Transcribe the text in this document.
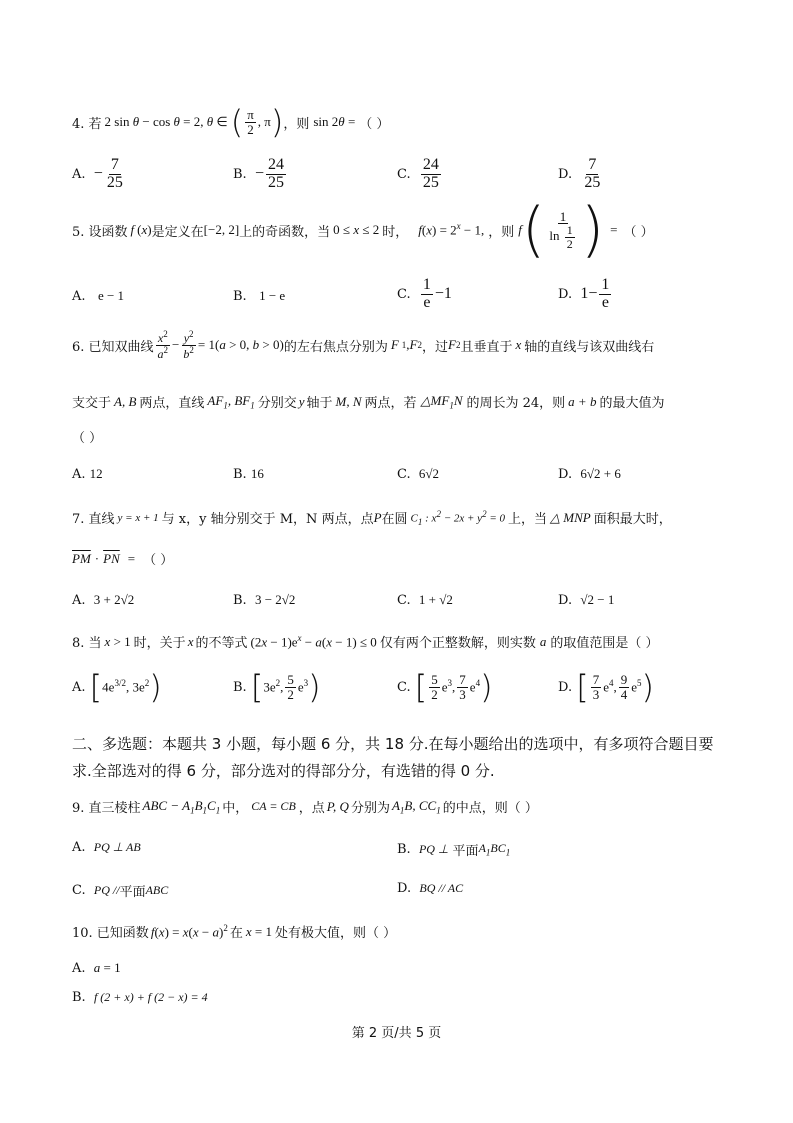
4. 若 2 sin θ − cos θ = 2, θ ∈ ( $\frac{\pi}{2}$ , π ) ，则 sin 2θ = （ ）
A.
− $\frac{7}{25}$	B.
− $\frac{24}{25}$	C.
$\frac{24}{25}$	D.
$\frac{7}{25}$
5. 设函数 f (x) 是定义在 [−2, 2] 上的奇函数，当 0 ≤ x ≤ 2 时， $f(x) = 2^x - 1$, ，则 f ( $\frac{1}{\ln \frac{1}{2}}$ ) = （ ）
A.
e − 1	B.
1 − e	C.
$\frac{1}{e} -1$	D.
$1- \frac{1}{e}$
6. 已知双曲线 $\frac{x^2}{a^2} - \frac{y^2}{b^2} = 1(a > 0$, b > 0) 的左右焦点分别为 F 1 , F 2 ，过 F 2 且垂直于 x 轴的直线与该双曲线右
支交于 A, B 两点，直线 $AF_1$, $BF_1$ 分别交 y 轴于 M, N 两点，若 $\triangle MF_1N$ 的周长为 24，则 a + b 的最大值为
（ ）
A.
12	B.
16	C.
6√2	D.
6√2 + 6
7. 直线 y = x + 1 与 x，y 轴分别交于 M，N 两点，点 P 在圆 $C_1$ : $x^2 - 2x + y^2 = 0$ 上，当 △ MNP 面积最大时，
$\overline{PM} \cdot \overline{PN}$ = （ ）
A.
3 + 2√2	B.
3 − 2√2	C.
1 + √2	D.
√2 − 1
8. 当 x > 1 时，关于 x 的不等式 $(2x - 1)e^x - a(x - 1) \le 0$ 仅有两个正整数解，则实数 a 的取值范围是（ ）
A.
[ $4e^{3/2}$, $3e^2$ )	B.
[ $3e^2$, $\frac{5}{2} e^3$ )	C.
[ $\frac{5}{2} e^3$, $\frac{7}{3} e^4$ )	D.
[ $\frac{7}{3} e^4$, $\frac{9}{4} e^5$ )
二、多选题：本题共 3 小题，每小题 6 分，共 18 分.在每小题给出的选项中，有多项符合题目要求.全部选对的得 6 分，部分选对的得部分分，有选错的得 0 分.
9. 直三棱柱 ABC − $A_1B_1C_1$ 中， CA = CB ，点 P, Q 分别为 $A_1B$, $CC_1$ 的中点，则（ ）
A.
PQ ⊥ AB	B.
PQ ⊥
平面 $A_1BC_1$
C.
PQ // 平面 ABC	D.
BQ // AC
10. 已知函数 $f(x) = x(x - a)^2$ 在 x = 1 处有极大值，则（ ）
A.
a = 1
B.
f (2 + x) + f (2 − x) = 4
第 2 页/共 5 页
